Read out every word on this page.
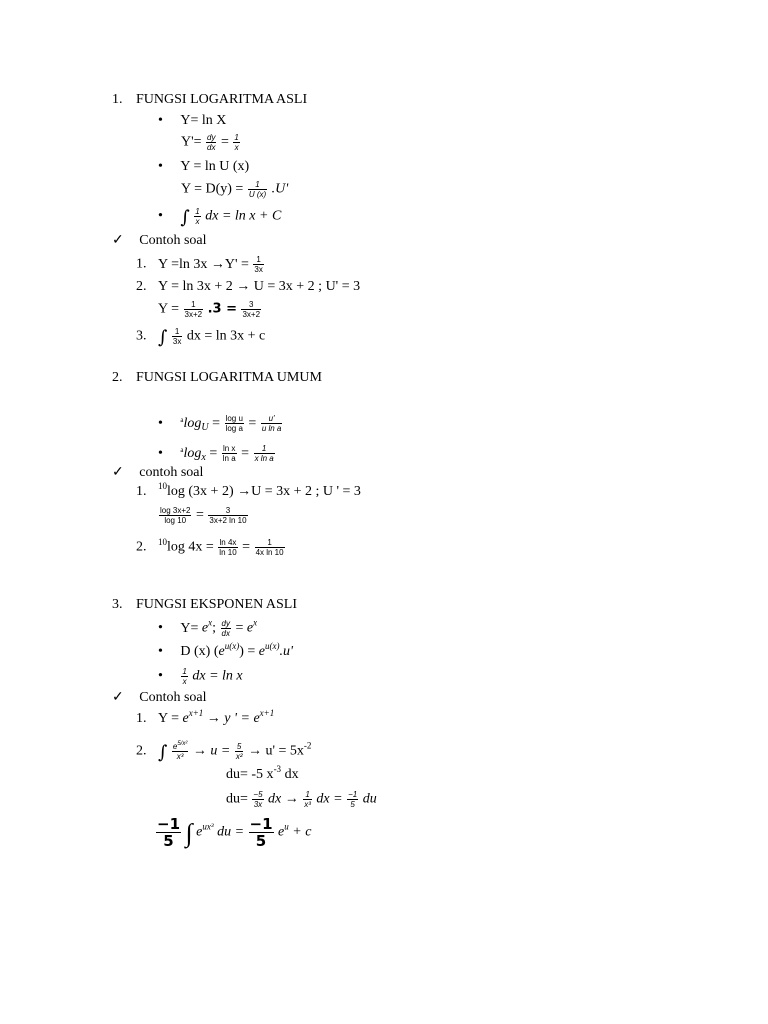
1. FUNGSI LOGARITMA ASLI
• Y= ln X
$Y'= \frac{dy}{dx} = \frac{1}{x}$
• Y = ln U (x)
$Y = D(y) = \frac{1}{U (x)} .U'$
• ∫ $\frac{1}{x}$ dx = ln x + C
✓ Contoh soal
1. Y =ln $3x \to Y' = \frac{1}{3x}$
2. Y = ln 3x + 2 → U = 3x + 2 ; U' = 3
$Y = \frac{1}{3x+2} .3 = \frac{3}{3x+2}$
3. ∫ $\frac{1}{3x}$ dx = ln 3x + c
2. FUNGSI LOGARITMA UMUM
•	$^a\log_U = \frac{\text{log u}}{\text{log a}} = \frac{u'}{\text{u ln a}}$
•	$^a\log_x = \frac{\text{ln x}}{\text{ln a}} = \frac{1}{\text{x ln a}}$
✓ contoh soal
1. $^{10}$log (3x + 2) →U = 3x + 2 ; U ' = 3
$\frac{\log 3x+2}{\log 10} = \frac{3}{3x+2 \ln 10}$
2. $^{10}$log $4x = \frac{\ln 4x}{\ln 10} = \frac{1}{\text{4x ln 10}}$
3. FUNGSI EKSPONEN ASLI
• $Y= e^x$; $\frac{dy}{dx} = e^x$
• D (x) $(e^{u(x)}) = e^{u(x)}.u'$
• $\frac{1}{x}$ dx = ln x
✓ Contoh soal
1. $Y = e^{x+1} \to y$ ' = $e^{x+1}$
2. ∫ $\frac{e^{5/x^2}}{\text{x³}} \to u = \frac{5}{\text{x²}} \to u' = 5x^{-2}$
du= -5 $x^{-3}$ dx
$du= \frac{-5}{3x}$ dx → $\frac{1}{\text{x³}}$ dx = $\frac{-1}{5}$ du
$\frac{-1}{5}$ ∫ $e^{ux^3}$ du = $\frac{-1}{5} e^u + c$
